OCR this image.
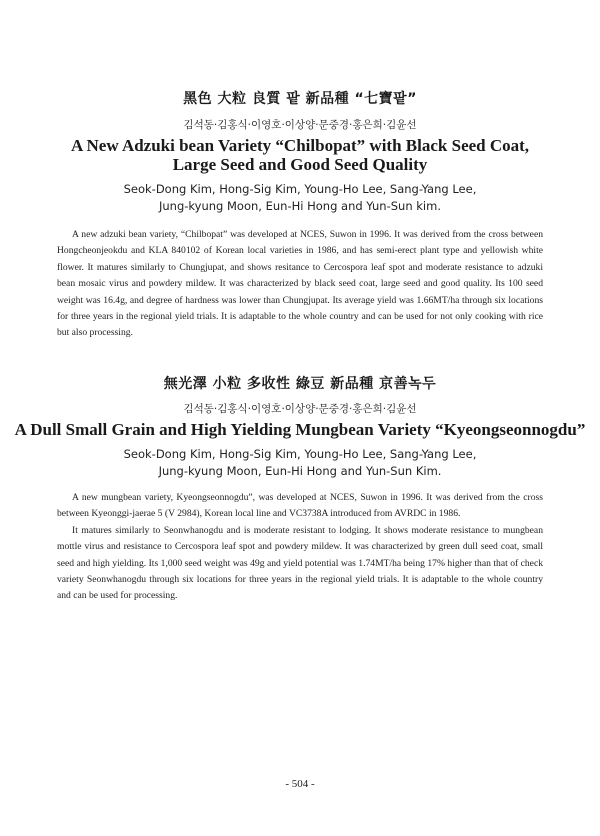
黑色 大粒 良質 팥 新品種 “七寶팥”
김석동·김홍식·이영호·이상양·문중경·홍은희·김윤선
A New Adzuki bean Variety “Chilbopat” with Black Seed Coat,
Large Seed and Good Seed Quality
Seok-Dong Kim, Hong-Sig Kim, Young-Ho Lee, Sang-Yang Lee,
Jung-kyung Moon, Eun-Hi Hong and Yun-Sun kim.

A new adzuki bean variety, “Chilbopat” was developed at NCES, Suwon in 1996. It was derived from the cross between Hongcheonjeokdu and KLA 840102 of Korean local varieties in 1986, and has semi-erect plant type and yellowish white flower. It matures similarly to Chungjupat, and shows resitance to Cercospora leaf spot and moderate resistance to adzuki bean mosaic virus and powdery mildew. It was characterized by black seed coat, large seed and good quality. Its 100 seed weight was 16.4g, and degree of hardness was lower than Chungjupat. Its average yield was 1.66MT/ha through six locations for three years in the regional yield trials. It is adaptable to the whole country and can be used for not only cooking with rice but also processing.

無光澤 小粒 多收性 綠豆 新品種 京善녹두
김석동·김홍식·이영호·이상양·문중경·홍은희·김윤선
A Dull Small Grain and High Yielding Mungbean Variety “Kyeongseonnogdu”
Seok-Dong Kim, Hong-Sig Kim, Young-Ho Lee, Sang-Yang Lee,
Jung-kyung Moon, Eun-Hi Hong and Yun-Sun Kim.

A new mungbean variety, Kyeongseonnogdu”, was developed at NCES, Suwon in 1996. It was derived from the cross between Kyeonggi-jaerae 5 (V 2984), Korean local line and VC3738A introduced from AVRDC in 1986.

It matures similarly to Seonwhanogdu and is moderate resistant to lodging. It shows moderate resistance to mungbean mottle virus and resistance to Cercospora leaf spot and powdery mildew. It was characterized by green dull seed coat, small seed and high yielding. Its 1,000 seed weight was 49g and yield potential was 1.74MT/ha being 17% higher than that of check variety Seonwhanogdu through six locations for three years in the regional yield trials. It is adaptable to the whole country and can be used for processing.

- 504 -
